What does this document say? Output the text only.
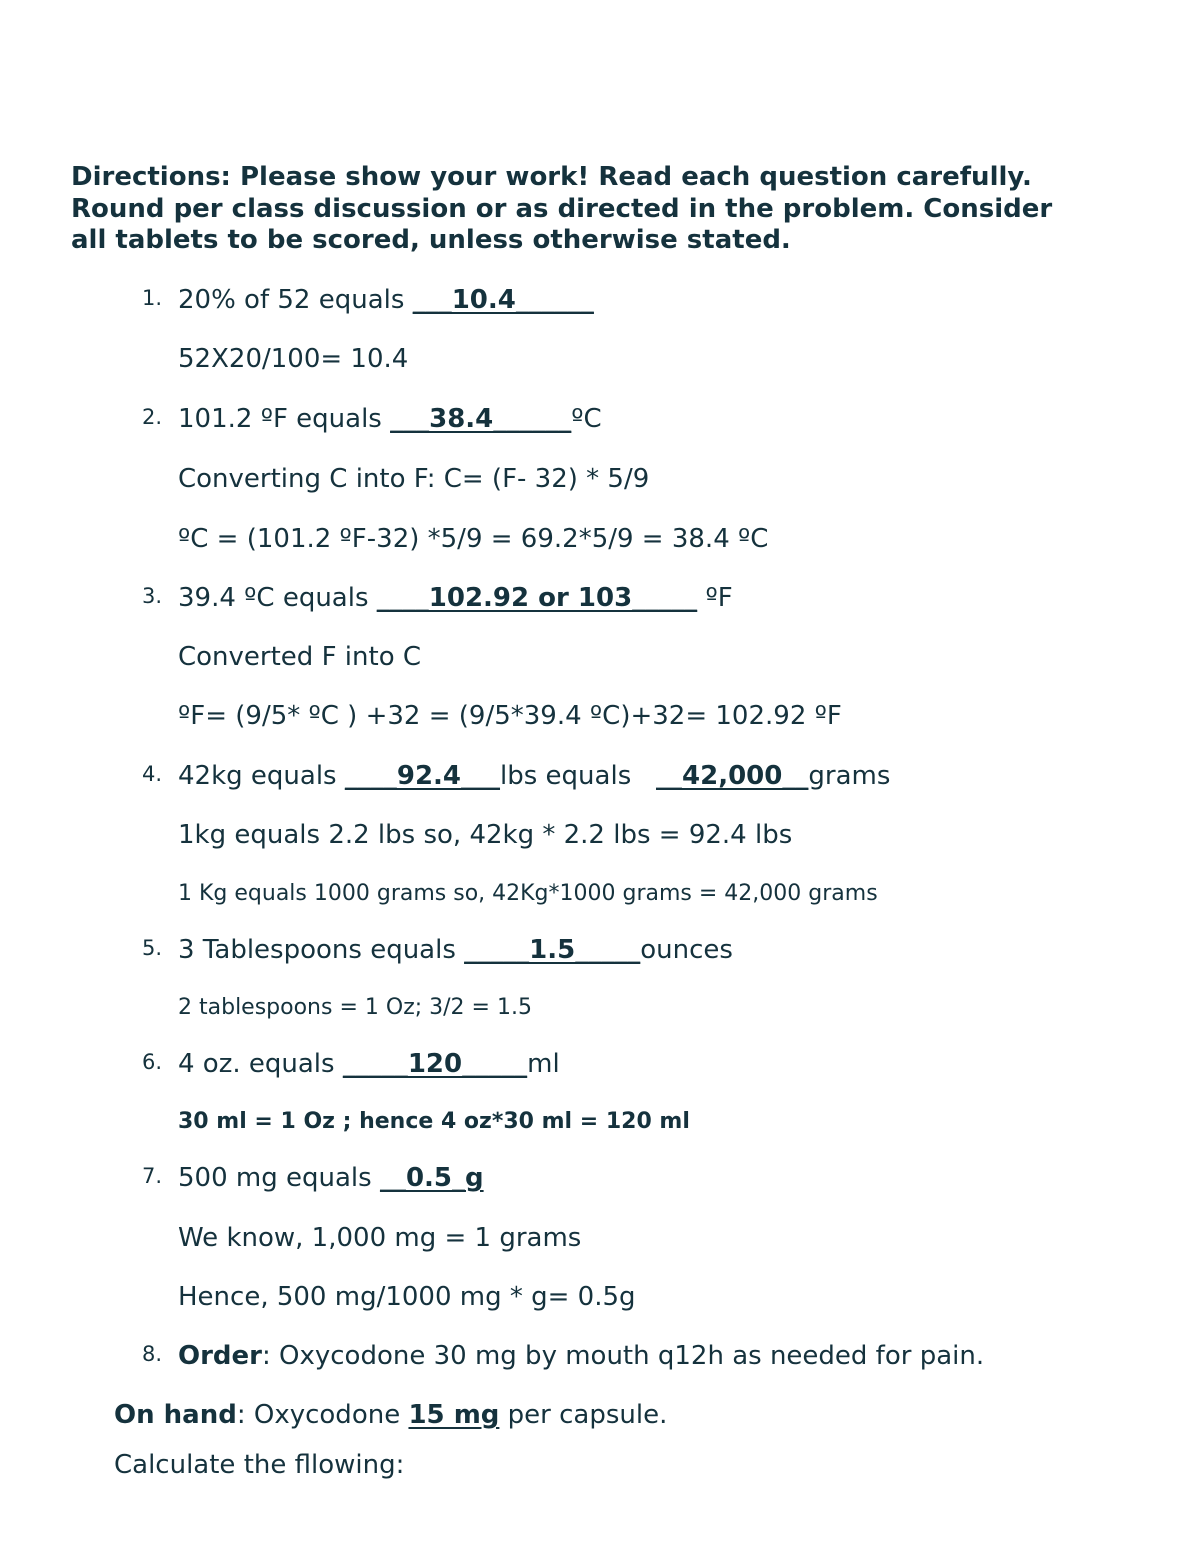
Directions: Please show your work! Read each question carefully.
Round per class discussion or as directed in the problem. Consider
all tablets to be scored, unless otherwise stated.
1. 20% of 52 equals ___10.4______
52X20/100= 10.4
2. 101.2 ºF equals ___38.4______ºC
Converting C into F: C= (F- 32) * 5/9
ºC = (101.2 ºF-32) *5/9 = 69.2*5/9 = 38.4 ºC
3. 39.4 ºC equals ____102.92 or 103_____ ºF
Converted F into C
ºF= (9/5* ºC ) +32 = (9/5*39.4 ºC)+32= 102.92 ºF
4. 42kg equals ____92.4___lbs equals   __42,000__grams
1kg equals 2.2 lbs so, 42kg * 2.2 lbs = 92.4 lbs
1 Kg equals 1000 grams so, 42Kg*1000 grams = 42,000 grams
5. 3 Tablespoons equals _____1.5_____ounces
2 tablespoons = 1 Oz; 3/2 = 1.5
6. 4 oz. equals _____120_____ml
30 ml = 1 Oz ; hence 4 oz*30 ml = 120 ml
7. 500 mg equals __0.5_g
We know, 1,000 mg = 1 grams
Hence, 500 mg/1000 mg * g= 0.5g
8. Order: Oxycodone 30 mg by mouth q12h as needed for pain.
On hand: Oxycodone 15 mg per capsule.
Calculate the fllowing:
